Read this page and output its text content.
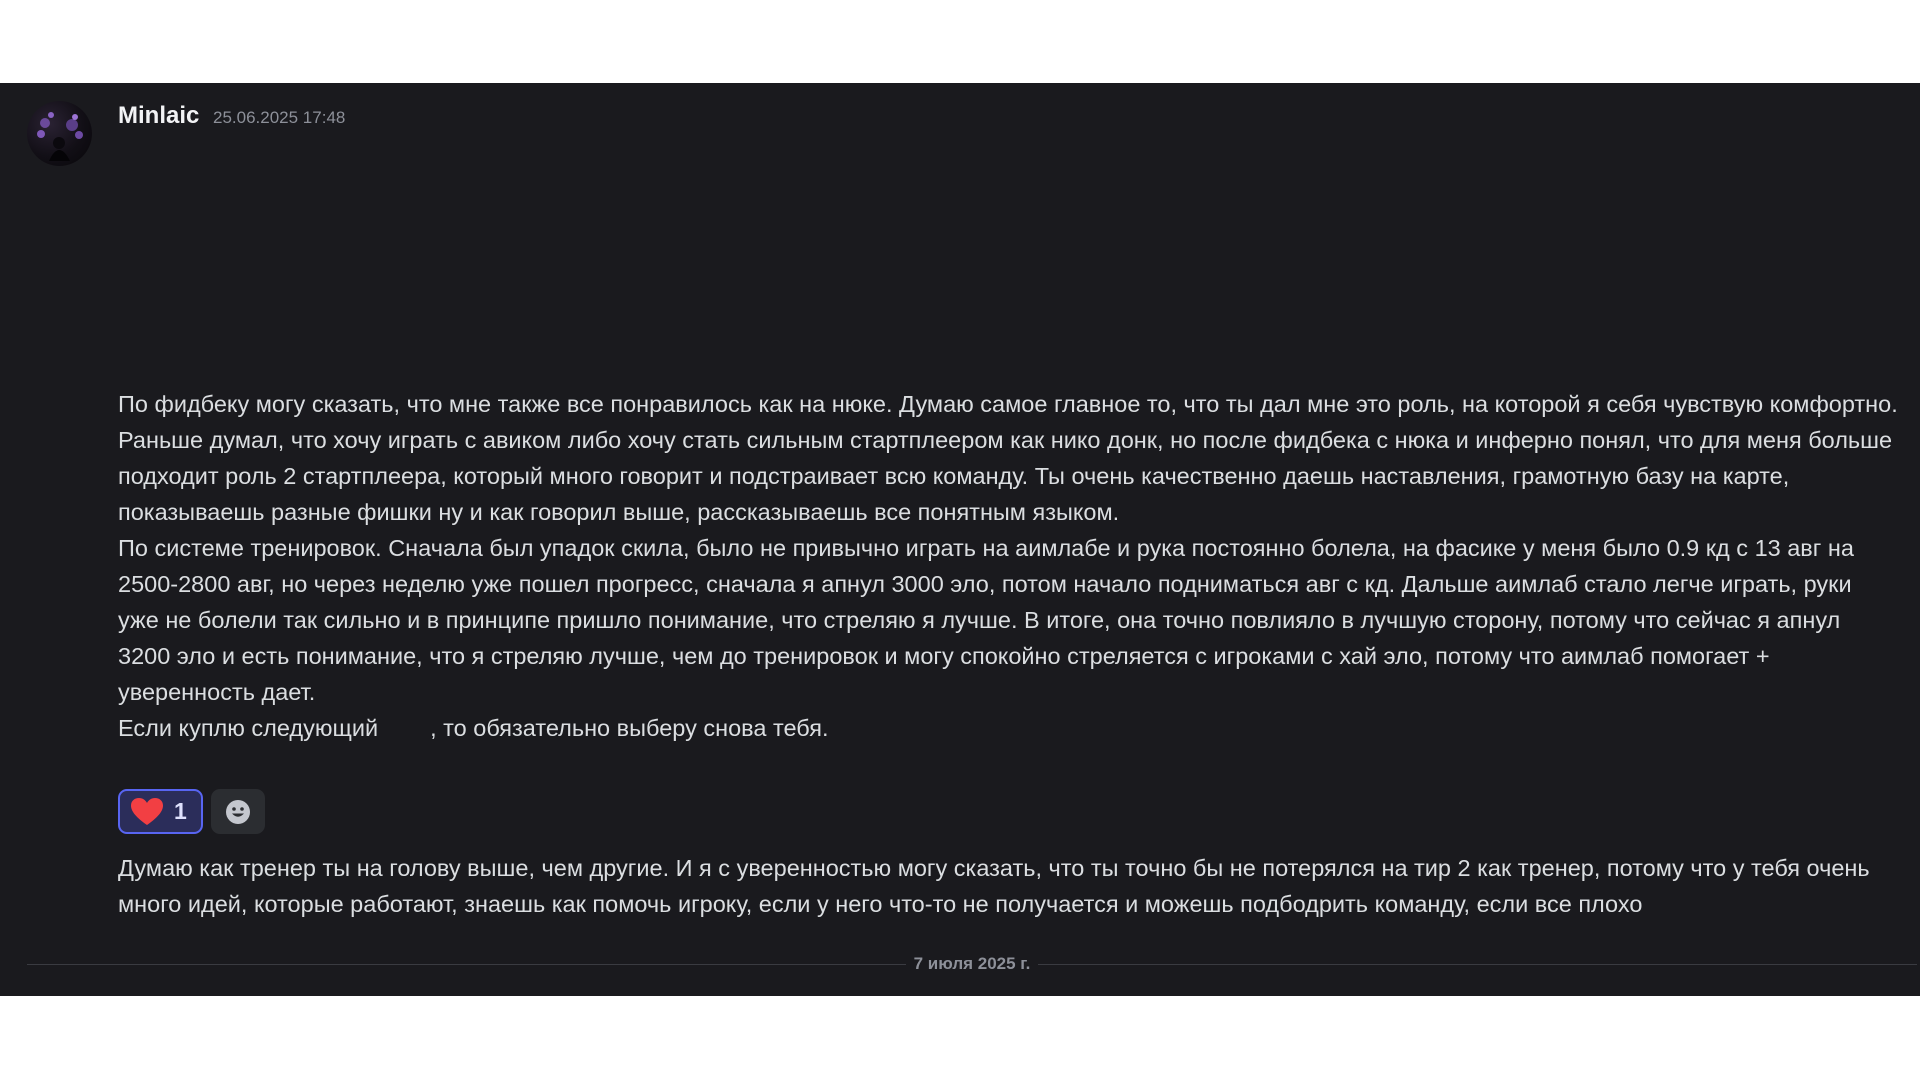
Minlaic 25.06.2025 17:48

По фидбеку могу сказать, что мне также все понравилось как на нюке. Думаю самое главное то, что ты дал мне это роль, на которой я себя чувствую комфортно.

Раньше думал, что хочу играть с авиком либо хочу стать сильным стартплеером как нико донк, но после фидбека с нюка и инферно понял, что для меня больше подходит роль 2 стартплеера, который много говорит и подстраивает всю команду. Ты очень качественно даешь наставления, грамотную базу на карте, показываешь разные фишки ну и как говорил выше, рассказываешь все понятным языком.

По системе тренировок. Сначала был упадок скила, было не привычно играть на аимлабе и рука постоянно болела, на фасике у меня было 0.9 кд с 13 авг на 2500-2800 авг, но через неделю уже пошел прогресс, сначала я апнул 3000 эло, потом начало подниматься авг с кд. Дальше аимлаб стало легче играть, руки уже не болели так сильно и в принципе пришло понимание, что стреляю я лучше. В итоге, она точно повлияло в лучшую сторону, потому что сейчас я апнул 3200 эло и есть понимание, что я стреляю лучше, чем до тренировок и могу спокойно стреляется с игроками с хай эло, потому что аимлаб помогает + уверенность дает.

Если куплю следующий , то обязательно выберу снова тебя.

1

Думаю как тренер ты на голову выше, чем другие. И я с уверенностью могу сказать, что ты точно бы не потерялся на тир 2 как тренер, потому что у тебя очень много идей, которые работают, знаешь как помочь игроку, если у него что-то не получается и можешь подбодрить команду, если все плохо

7 июля 2025 г.
